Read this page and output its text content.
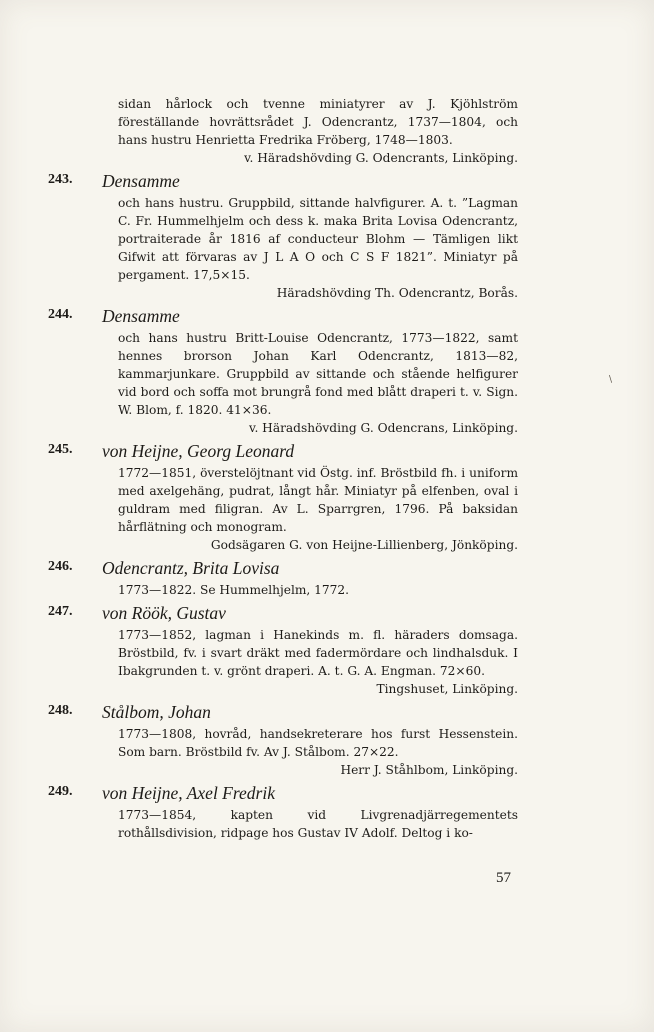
sidan hårlock och tvenne miniatyrer av J. Kjöhlström föreställande hovrättsrådet J. Odencrantz, 1737—1804, och hans hustru Henrietta Fredrika Fröberg, 1748—1803.
v. Häradshövding G. Odencrants, Linköping.
243.	Densamme
och hans hustru. Gruppbild, sittande halvfigurer. A. t. ”Lagman C. Fr. Hummelhjelm och dess k. maka Brita Lovisa Odencrantz, portraiterade år 1816 af conducteur Blohm — Tämligen likt Gifwit att förvaras av J L A O och C S F 1821”. Miniatyr på pergament. 17,5×15.
Häradshövding Th. Odencrantz, Borås.
244.	Densamme
och hans hustru Britt-Louise Odencrantz, 1773—1822, samt hennes brorson Johan Karl Odencrantz, 1813—82, kammarjunkare. Gruppbild av sittande och stående helfigurer vid bord och soffa mot brungrå fond med blått draperi t. v. Sign. W. Blom, f. 1820. 41×36.
v. Häradshövding G. Odencrans, Linköping.
245.	von Heijne, Georg Leonard
1772—1851, överstelöjtnant vid Östg. inf. Bröstbild fh. i uniform med axelgehäng, pudrat, långt hår. Miniatyr på elfenben, oval i guldram med filigran. Av L. Sparrgren, 1796. På baksidan hårflätning och monogram.
Godsägaren G. von Heijne-Lillienberg, Jönköping.
246.	Odencrantz, Brita Lovisa
1773—1822. Se Hummelhjelm, 1772.
247.	von Röök, Gustav
1773—1852, lagman i Hanekinds m. fl. häraders domsaga. Bröstbild, fv. i svart dräkt med fadermördare och lindhalsduk. I Ibakgrunden t. v. grönt draperi. A. t. G. A. Engman. 72×60.
Tingshuset, Linköping.
248.	Stålbom, Johan
1773—1808, hovråd, handsekreterare hos furst Hessenstein. Som barn. Bröstbild fv. Av J. Stålbom. 27×22.
Herr J. Ståhlbom, Linköping.
249.	von Heijne, Axel Fredrik
1773—1854, kapten vid Livgrenadjärregementets rothållsdivision, ridpage hos Gustav IV Adolf. Deltog i ko-
\
57
